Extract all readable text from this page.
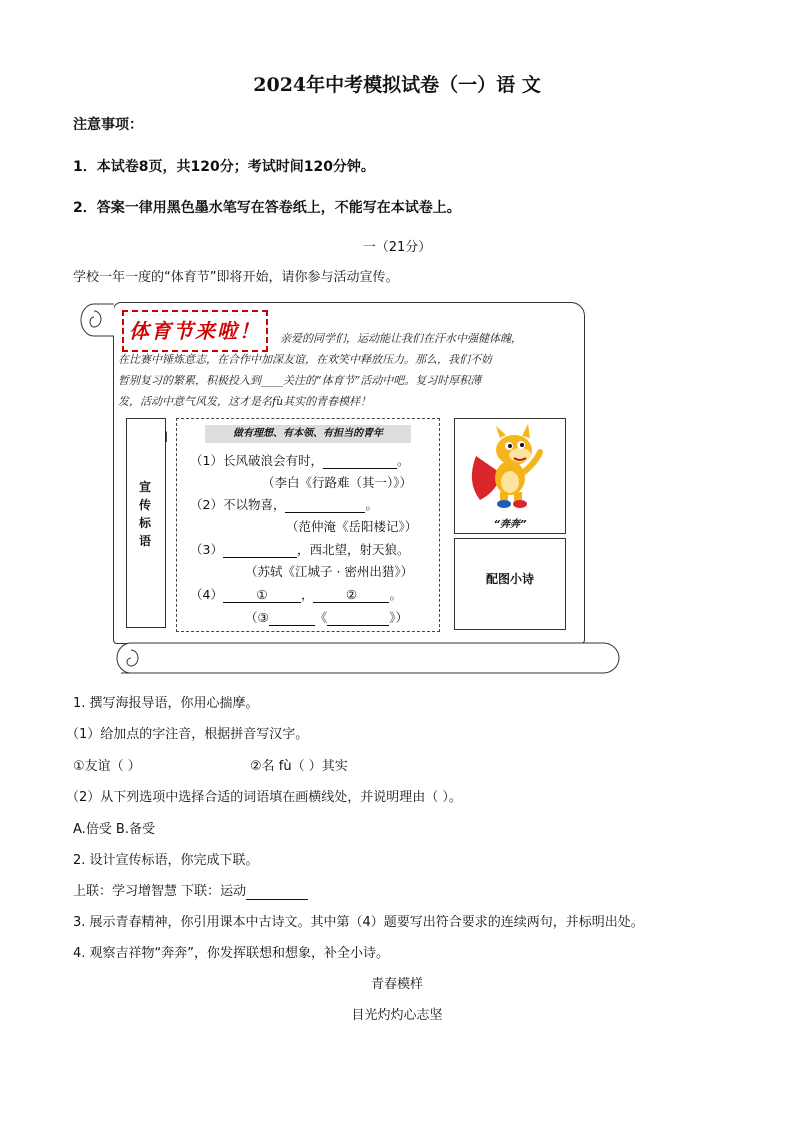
2024年中考模拟试卷（一）语 文
注意事项：
1．本试卷8页，共120分；考试时间120分钟。
2．答案一律用黑色墨水笔写在答卷纸上，不能写在本试卷上。
一（21分）
学校一年一度的“体育节”即将开始，请你参与活动宣传。
体育节来啦！	亲爱的同学们，运动能让我们在汗水中强健体魄，
在比赛中锤炼意志，在合作中加深友谊，在欢笑中释放压力。那么，我们不妨
暂别复习的繁累，积极投入到____关注的“体育节”活动中吧。复习时厚积薄
发，活动中意气风发，这才是名fù其实的青春模样！
宣传标语
I	做有理想、有本领、有担当的青年
（1）长风破浪会有时，	。
（李白《行路难（其一）》）
（2）不以物喜，	。
（范仲淹《岳阳楼记》）
（3）	，西北望，射天狼。
（苏轼《江城子 · 密州出猎》）
（4）	①	，	②	。
（③	《	》）
“奔奔”
配图小诗
1. 撰写海报导语，你用心揣摩。
（1）给加点的字注音，根据拼音写汉字。
①友谊（ ）	②名 fù（ ）其实
（2）从下列选项中选择合适的词语填在画横线处，并说明理由（ ）。
A.倍受 B.备受
2. 设计宣传标语，你完成下联。
上联：学习增智慧 下联：运动
3. 展示青春精神，你引用课本中古诗文。其中第（4）题要写出符合要求的连续两句，并标明出处。
4. 观察吉祥物“奔奔”，你发挥联想和想象，补全小诗。
青春模样
目光灼灼心志坚
